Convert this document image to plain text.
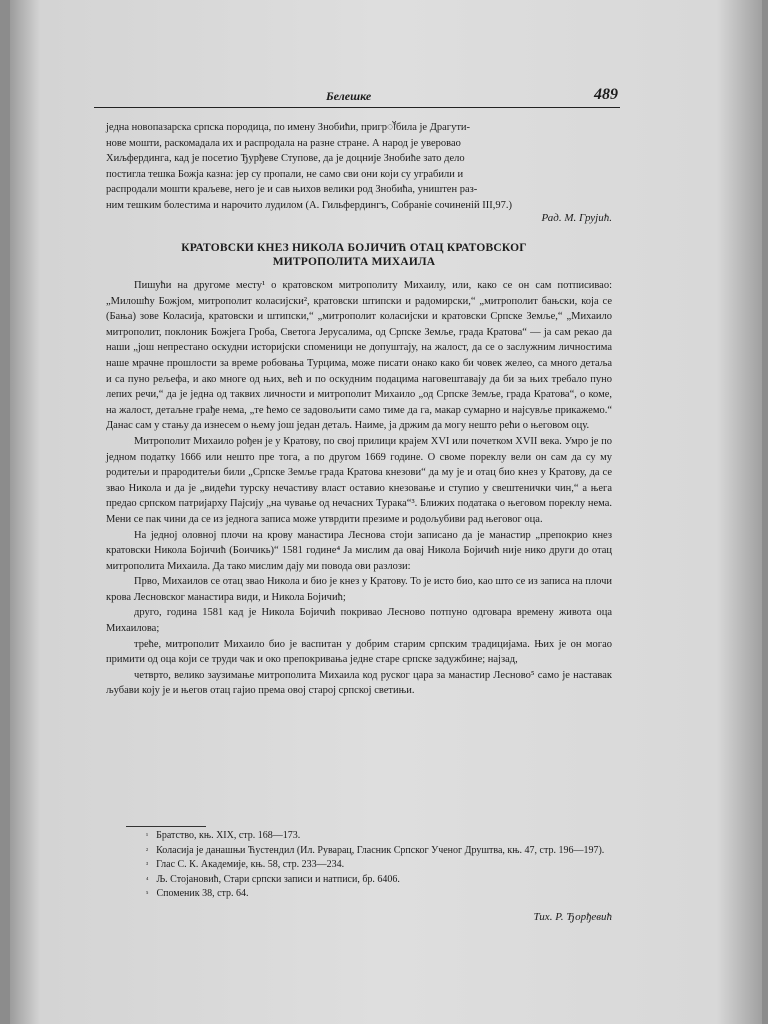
Белешке	489

једна новопазарска српска породица, по имену Знобићи, пригрॉбила је Драгути-

нове мошти, раскомадала их и распродала на разне стране. А народ је уверовао

Хиљфердинга, кад је посетио Ђурђеве Ступове, да је доцније Знобиће зато дело

постигла тешка Божја казна: јер су пропали, не само сви они који су уграбили и

распродали мошти краљеве, него је и сав њихов велики род Знобића, уништен раз-

ним тешким болестима и нарочито лудилом (А. Гильфердингъ, Собраніе сочиненій III,97.)

Рад. М. Грујић.
КРАТОВСКИ КНЕЗ НИКОЛА БОЈИЧИЋ ОТАЦ КРАТОВСКОГ
МИТРОПОЛИТА МИХАИЛА

Пишући на другоме месту¹ о кратовском митрополиту Михаилу, или, како се он сам потписивао: „Милошћу Божјом, митрополит коласијски², кратовски штипски и радомирски,“ „митрополит бањски, која се (Бања) зове Коласија, кратовски и штипски,“ „митрополит коласијски и кратовски Српске Земље,“ „Михаило митрополит, поклоник Божјега Гроба, Светога Јерусалима, од Српске Земље, града Кратова“ — ја сам рекао да наши „још непрестано оскудни историјски споменици не допуштају, на жалост, да се о заслужним личностима наше мрачне прошлости за време робовања Турцима, може писати онако како би човек желео, са много детаља и са пуно рељефа, и ако многе од њих, већ и по оскудним подацима наговештавају да би за њих требало пуно лепих речи,“ да је једна од таквих личности и митрополит Михаило „од Српске Земље, града Кратова“, о коме, на жалост, детаљне грађе нема, „те ћемо се задовољити само тиме да га, макар сумарно и најсувље прикажемо.“ Данас сам у стању да изнесем о њему још један детаљ. Наиме, ја држим да могу нешто рећи о његовом оцу.

Митрополит Михаило рођен је у Кратову, по свој прилици крајем XVI или почетком XVII века. Умро је по једном податку 1666 или нешто пре тога, а по другом 1669 године. О своме пореклу вели он сам да су му родитељи и прародитељи били „Српске Земље града Кратова кнезови“ да му је и отац био кнез у Кратову, да се звао Никола и да је „видећи турску нечастиву власт оставио кнезовање и ступио у свештенички чин,“ а њега предао српском патријарху Пајсију „на чување од нечасних Турака“³. Ближих података о његовом пореклу нема. Мени се пак чини да се из једнога записа може утврдити презиме и родољубиви рад његовог оца.

На једној оловној плочи на крову манастира Леснова стоји записано да је манастир „препокрио кнез кратовски Никола Бојичић (Боичикь)“ 1581 године⁴ Ја мислим да овај Никола Бојичић није нико други до отац митрополита Михаила. Да тако мислим дају ми повода ови разлози:

Прво, Михаилов се отац звао Никола и био је кнез у Кратову. То је исто био, као што се из записа на плочи крова Лесновског манастира види, и Никола Бојичић;

друго, година 1581 кад је Никола Бојичић покривао Лесново потпуно одговара времену живота оца Михаилова;

треће, митрополит Михаило био је васпитан у добрим старим српским традицијама. Њих је он могао примити од оца који се труди чак и око препокривања једне старе српске задужбине; најзад,

четврто, велико заузимање митрополита Михаила код руског цара за манастир Лесново⁵ само је наставак љубави коју је и његов отац гајио према овој старој српској светињи.

$^{^1}$ Братство, књ. XIX, стр. 168—173.

$^{^2}$ Коласија је данашњи Ћустендил (Ил. Руварац, Гласник Српског Ученог Друштва, књ. 47, стр. 196—197).

$^{^3}$ Глас С. К. Академије, књ. 58, стр. 233—234.

$^{^4}$ Љ. Стојановић, Стари српски записи и натписи, бр. 6406.

$^{^5}$ Споменик 38, стр. 64.

Тих. Р. Ђорђевић
